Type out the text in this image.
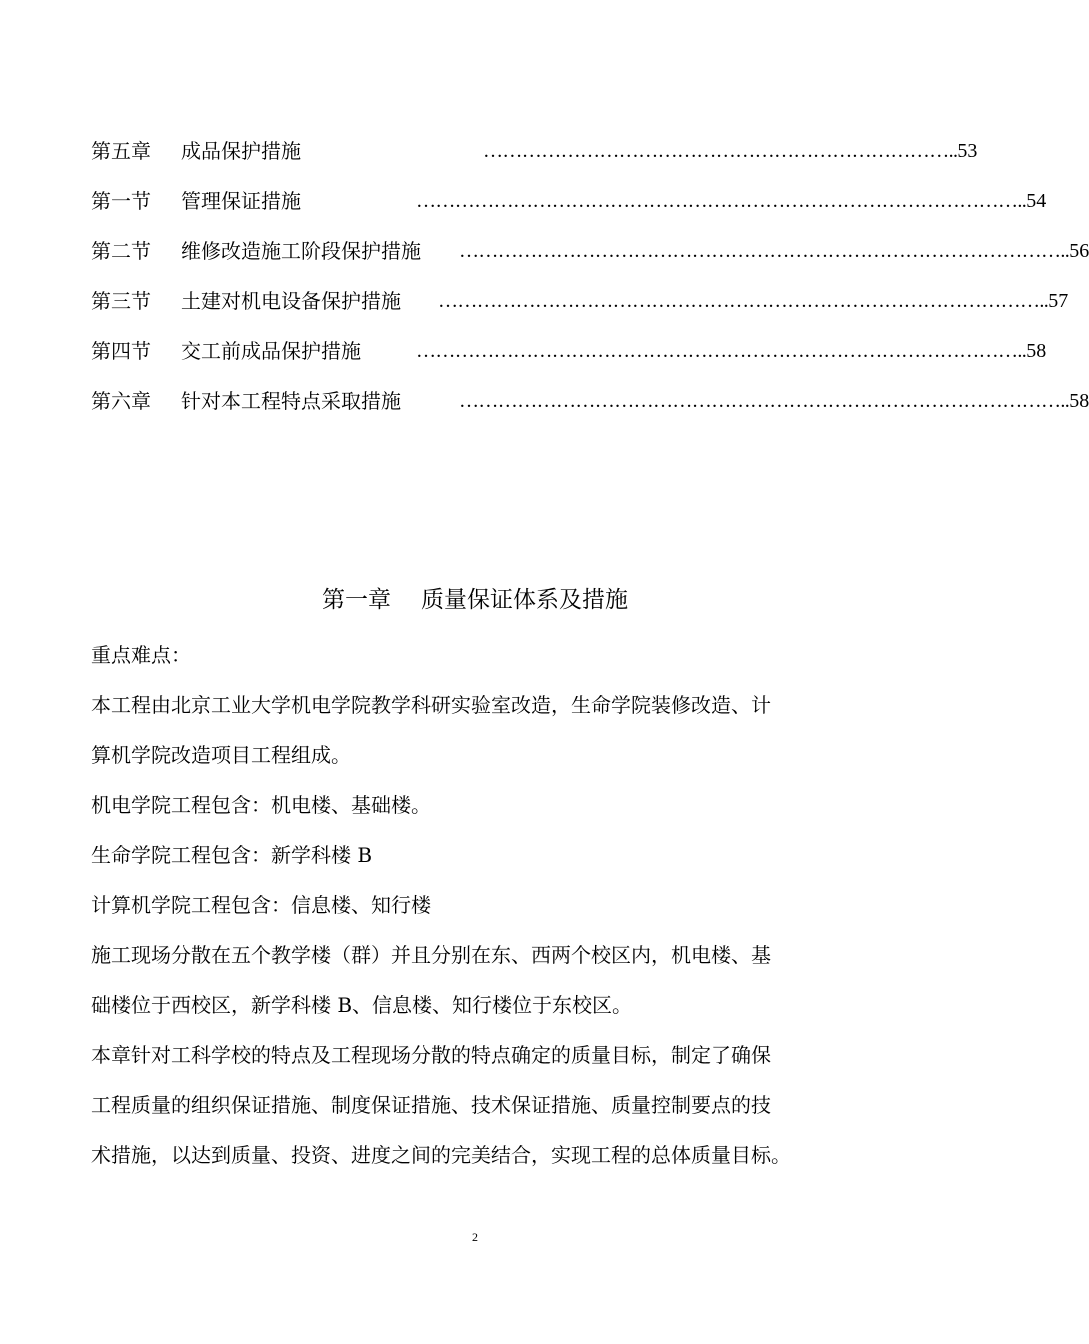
第五章 成品保护措施	………………………………………………………………..53
第一节 管理保证措施	…………………………………………………………………………………..54
第二节 维修改造施工阶段保护措施 …………………………………………………………………………………..56
第三节 土建对机电设备保护措施 …………………………………………………………………………………..57
第四节 交工前成品保护措施	…………………………………………………………………………………..58
第六章 针对本工程特点采取措施	…………………………………………………………………………………..58
第一章 质量保证体系及措施

重点难点：

本工程由北京工业大学机电学院教学科研实验室改造，生命学院装修改造、计

算机学院改造项目工程组成。

机电学院工程包含：机电楼、基础楼。

生命学院工程包含：新学科楼 B

计算机学院工程包含：信息楼、知行楼

施工现场分散在五个教学楼（群）并且分别在东、西两个校区内，机电楼、基

础楼位于西校区，新学科楼 B、信息楼、知行楼位于东校区。

本章针对工科学校的特点及工程现场分散的特点确定的质量目标，制定了确保

工程质量的组织保证措施、制度保证措施、技术保证措施、质量控制要点的技

术措施，以达到质量、投资、进度之间的完美结合，实现工程的总体质量目标。

2
